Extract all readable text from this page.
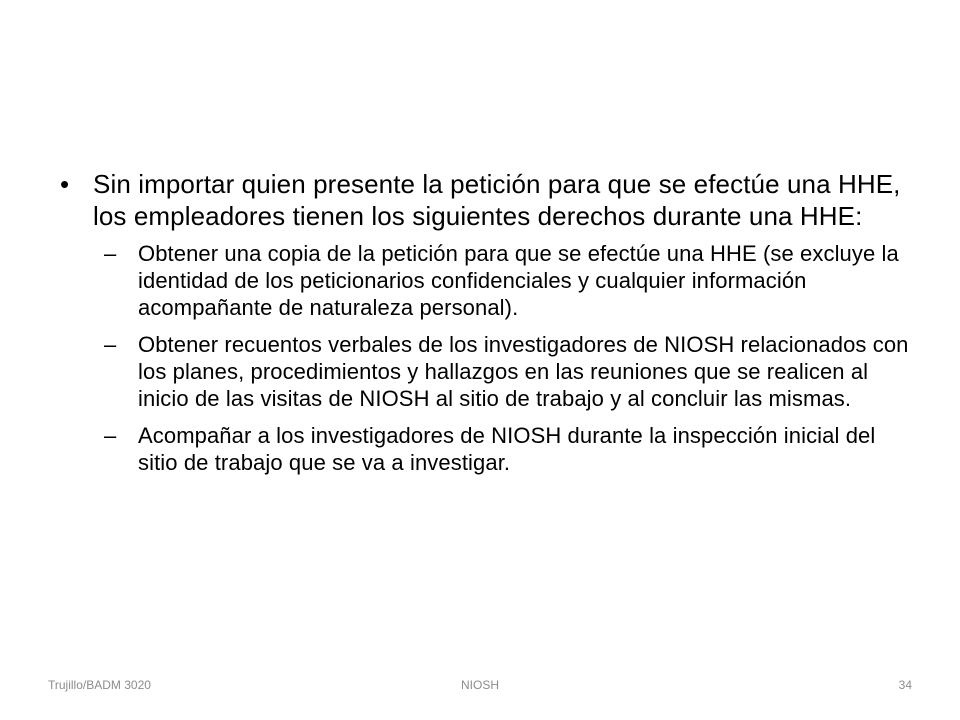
• Sin importar quien presente la petición para que se efectúe una HHE, los empleadores tienen los siguientes derechos durante una HHE:
– Obtener una copia de la petición para que se efectúe una HHE (se excluye la identidad de los peticionarios confidenciales y cualquier información acompañante de naturaleza personal).
– Obtener recuentos verbales de los investigadores de NIOSH relacionados con los planes, procedimientos y hallazgos en las reuniones que se realicen al inicio de las visitas de NIOSH al sitio de trabajo y al concluir las mismas.
– Acompañar a los investigadores de NIOSH durante la inspección inicial del sitio de trabajo que se va a investigar.
Trujillo/BADM 3020	NIOSH	34
